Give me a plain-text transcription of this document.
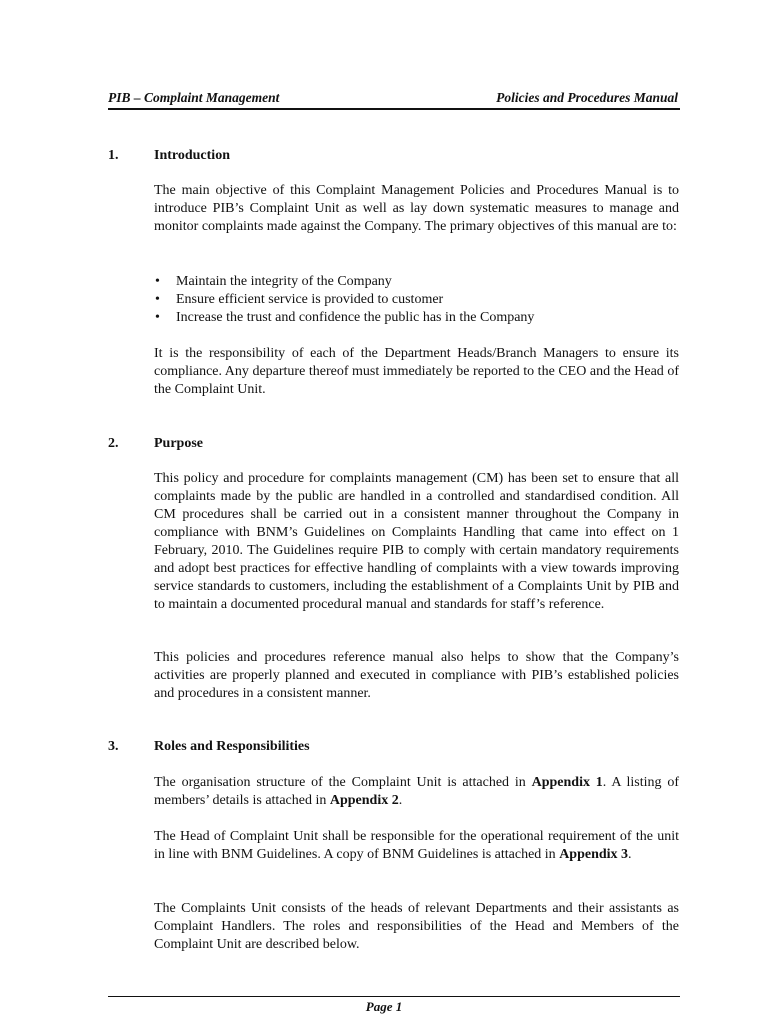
PIB – Complaint Management	Policies and Procedures Manual
1.	Introduction

The main objective of this Complaint Management Policies and Procedures Manual is to introduce PIB’s Complaint Unit as well as lay down systematic measures to manage and monitor complaints made against the Company. The primary objectives of this manual are to:

• Maintain the integrity of the Company
• Ensure efficient service is provided to customer
• Increase the trust and confidence the public has in the Company

It is the responsibility of each of the Department Heads/Branch Managers to ensure its compliance. Any departure thereof must immediately be reported to the CEO and the Head of the Complaint Unit.

2.	Purpose

This policy and procedure for complaints management (CM) has been set to ensure that all complaints made by the public are handled in a controlled and standardised condition. All CM procedures shall be carried out in a consistent manner throughout the Company in compliance with BNM’s Guidelines on Complaints Handling that came into effect on 1 February, 2010. The Guidelines require PIB to comply with certain mandatory requirements and adopt best practices for effective handling of complaints with a view towards improving service standards to customers, including the establishment of a Complaints Unit by PIB and to maintain a documented procedural manual and standards for staff’s reference.

This policies and procedures reference manual also helps to show that the Company’s activities are properly planned and executed in compliance with PIB’s established policies and procedures in a consistent manner.

3.	Roles and Responsibilities

The organisation structure of the Complaint Unit is attached in Appendix 1. A listing of members’ details is attached in Appendix 2.

The Head of Complaint Unit shall be responsible for the operational requirement of the unit in line with BNM Guidelines. A copy of BNM Guidelines is attached in Appendix 3.

The Complaints Unit consists of the heads of relevant Departments and their assistants as Complaint Handlers. The roles and responsibilities of the Head and Members of the Complaint Unit are described below.

Page 1
